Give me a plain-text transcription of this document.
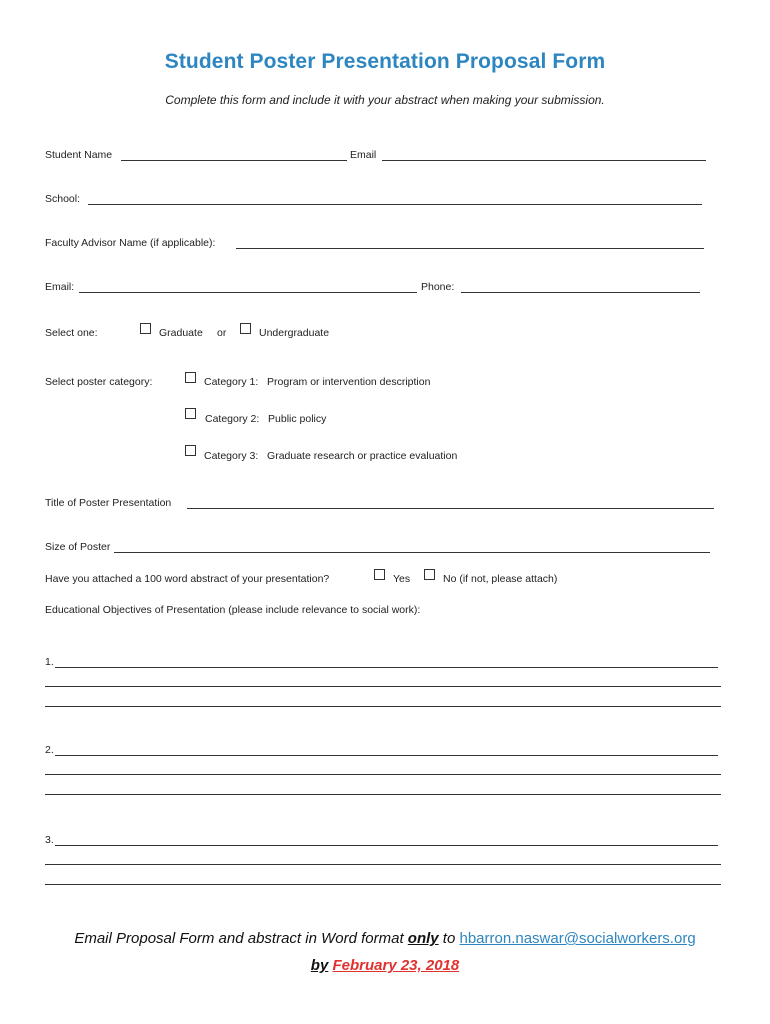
Student Poster Presentation Proposal Form
Complete this form and include it with your abstract when making your submission.
Student Name	Email
School:
Faculty Advisor Name (if applicable):
Email:	Phone:
Select one:	Graduate or	Undergraduate
Select poster category:	Category 1:   Program or intervention description
Category 2:   Public policy
Category 3:   Graduate research or practice evaluation
Title of Poster Presentation
Size of Poster
Have you attached a 100 word abstract of your presentation?	Yes	No (if not, please attach)
Educational Objectives of Presentation (please include relevance to social work):
1.
2.
3.
Email Proposal Form and abstract in Word format only to hbarron.naswar@socialworkers.org
by February 23, 2018
